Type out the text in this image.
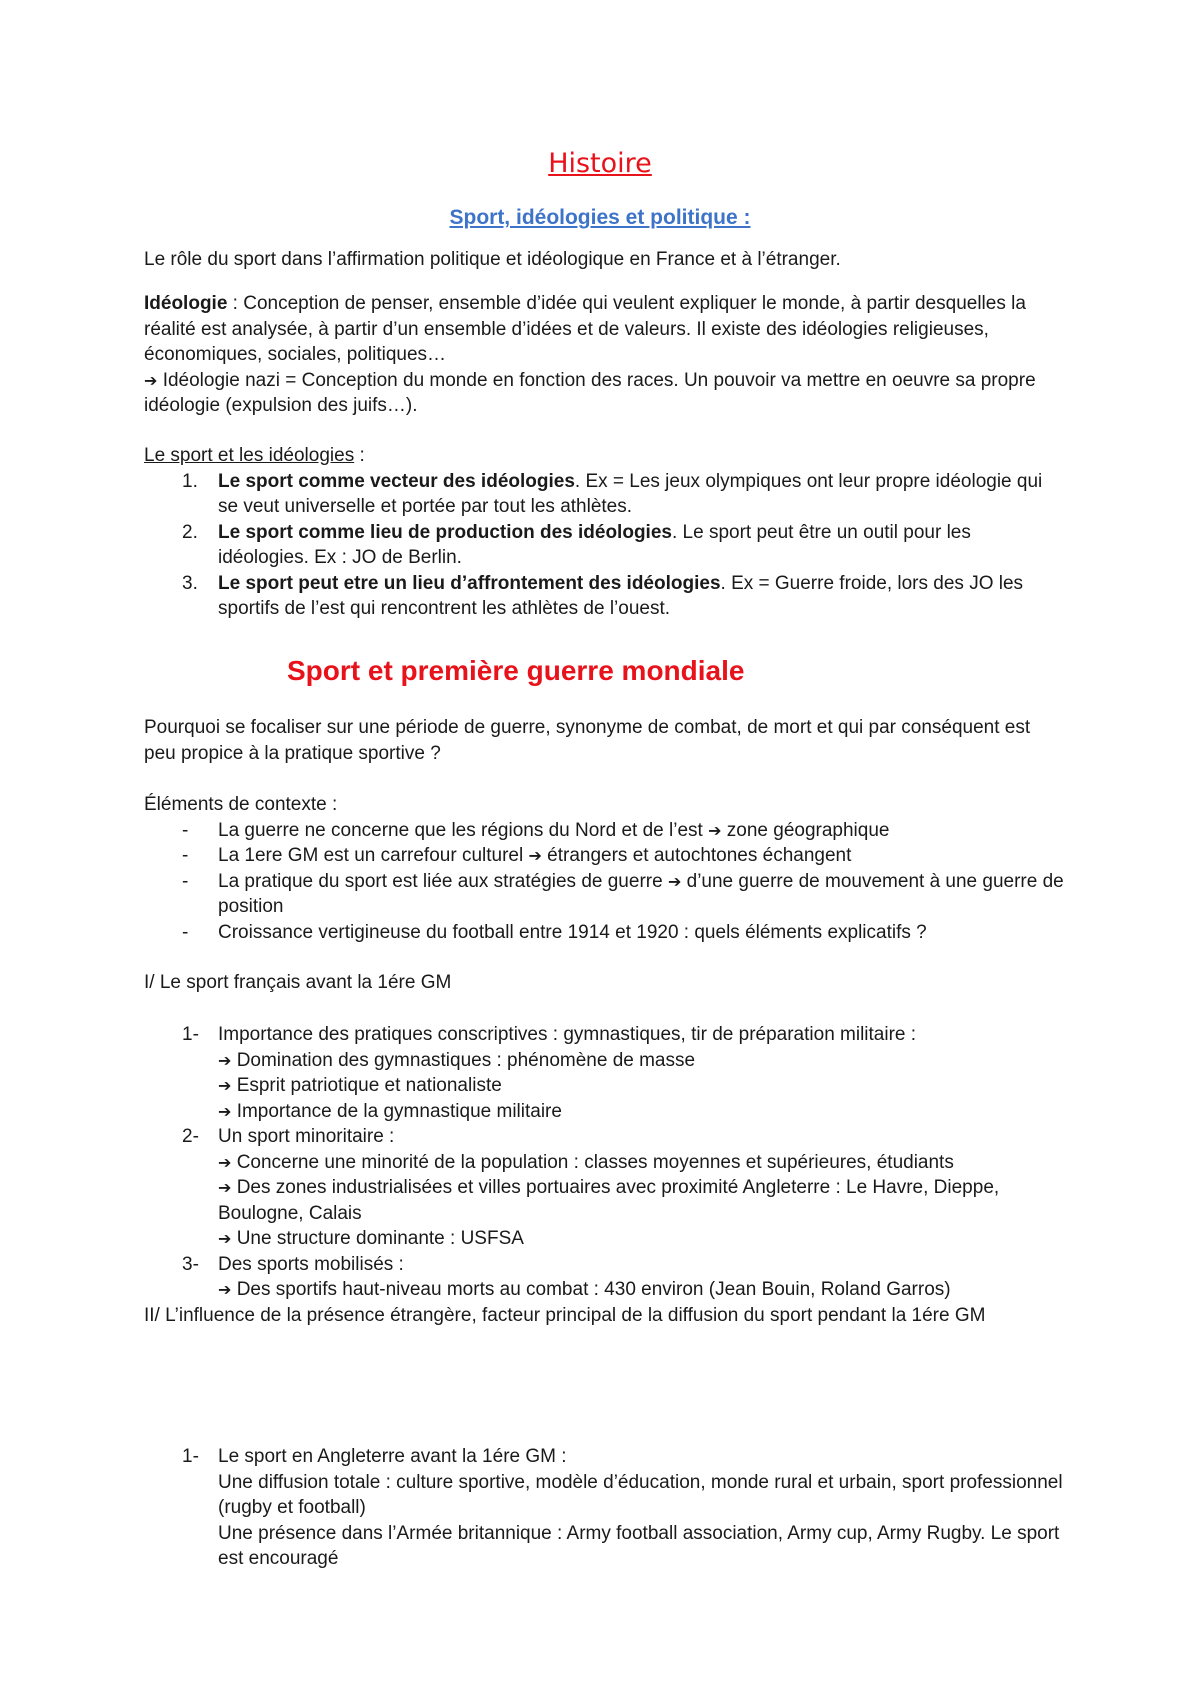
Histoire
Sport, idéologies et politique :

Le rôle du sport dans l’affirmation politique et idéologique en France et à l’étranger.

Idéologie : Conception de penser, ensemble d’idée qui veulent expliquer le monde, à partir desquelles la réalité est analysée, à partir d’un ensemble d’idées et de valeurs. Il existe des idéologies religieuses, économiques, sociales, politiques…

➔ Idéologie nazi = Conception du monde en fonction des races. Un pouvoir va mettre en oeuvre sa propre idéologie (expulsion des juifs…).

Le sport et les idéologies :

1. Le sport comme vecteur des idéologies. Ex = Les jeux olympiques ont leur propre idéologie qui se veut universelle et portée par tout les athlètes.
2. Le sport comme lieu de production des idéologies. Le sport peut être un outil pour les idéologies. Ex : JO de Berlin.
3. Le sport peut etre un lieu d’affrontement des idéologies. Ex = Guerre froide, lors des JO les sportifs de l’est qui rencontrent les athlètes de l’ouest.
Sport et première guerre mondiale

Pourquoi se focaliser sur une période de guerre, synonyme de combat, de mort et qui par conséquent est peu propice à la pratique sportive ?

Éléments de contexte :

- La guerre ne concerne que les régions du Nord et de l’est ➔ zone géographique
- La 1ere GM est un carrefour culturel ➔ étrangers et autochtones échangent
- La pratique du sport est liée aux stratégies de guerre ➔ d’une guerre de mouvement à une guerre de position
- Croissance vertigineuse du football entre 1914 et 1920 : quels éléments explicatifs ?

I/ Le sport français avant la 1ére GM

1- Importance des pratiques conscriptives : gymnastiques, tir de préparation militaire :
➔ Domination des gymnastiques : phénomène de masse
➔ Esprit patriotique et nationaliste
➔ Importance de la gymnastique militaire
2- Un sport minoritaire :
➔ Concerne une minorité de la population : classes moyennes et supérieures, étudiants
➔ Des zones industrialisées et villes portuaires avec proximité Angleterre : Le Havre, Dieppe, Boulogne, Calais
➔ Une structure dominante : USFSA
3- Des sports mobilisés :
➔ Des sportifs haut-niveau morts au combat : 430 environ (Jean Bouin, Roland Garros)

II/ L’influence de la présence étrangère, facteur principal de la diffusion du sport pendant la 1ére GM

1- Le sport en Angleterre avant la 1ére GM :
Une diffusion totale : culture sportive, modèle d’éducation, monde rural et urbain, sport professionnel (rugby et football)
Une présence dans l’Armée britannique : Army football association, Army cup, Army Rugby. Le sport est encouragé
